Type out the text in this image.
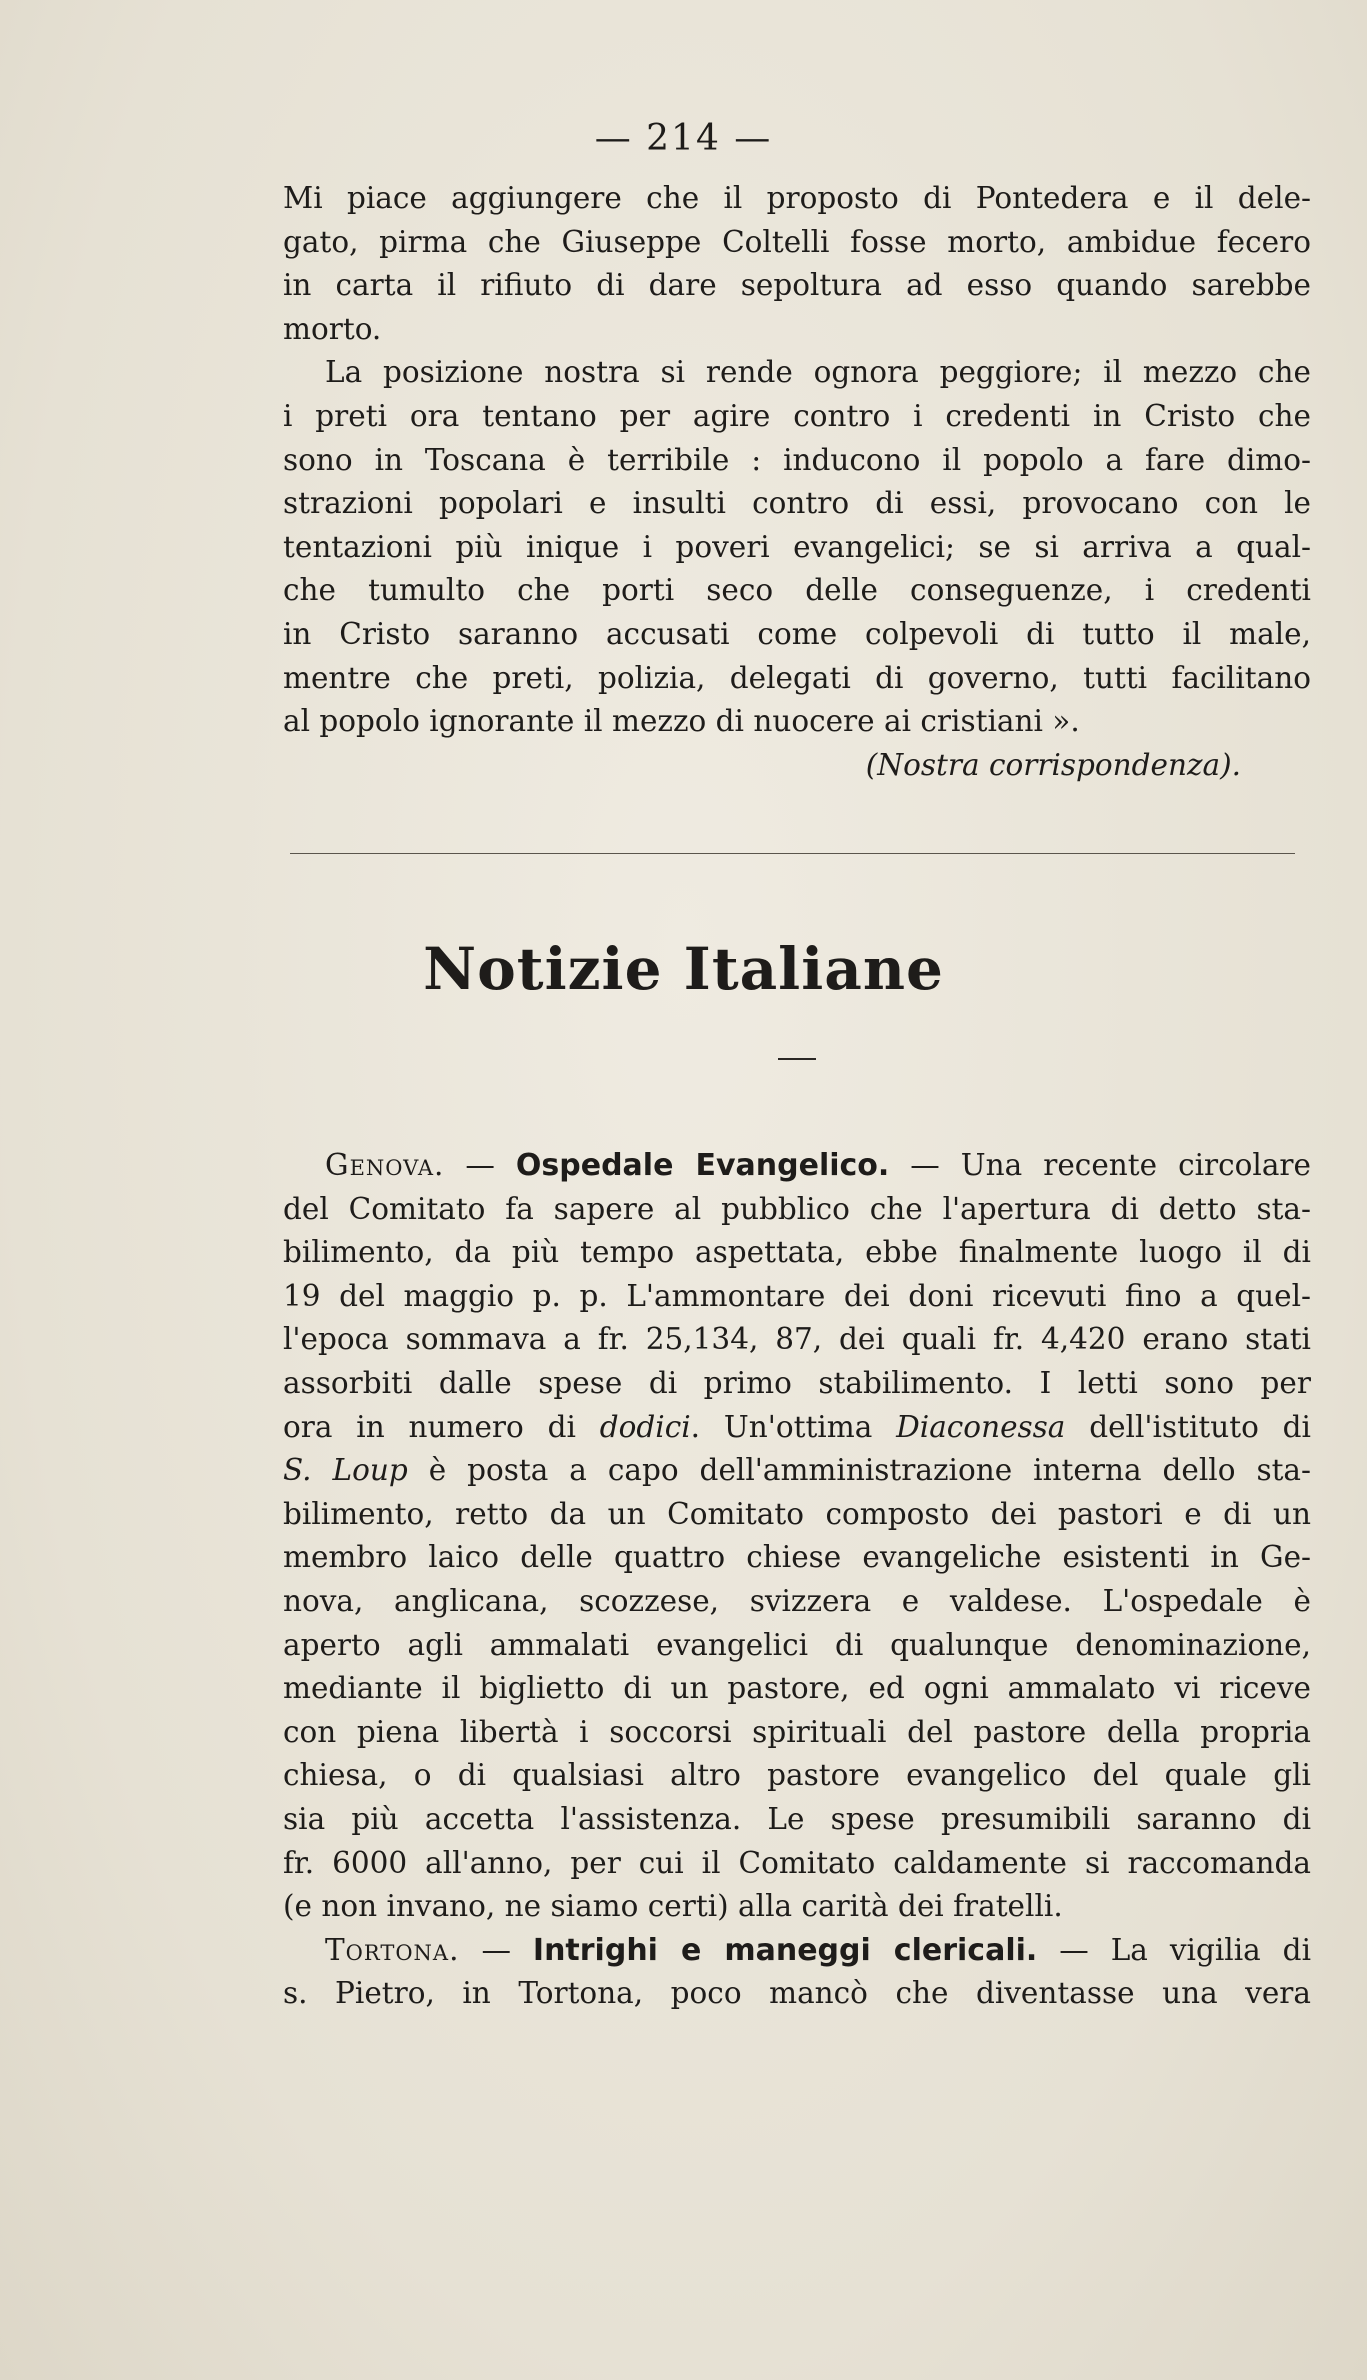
— 214 —
Mi piace aggiungere che il proposto di Pontedera e il dele-
gato, pirma che Giuseppe Coltelli fosse morto, ambidue fecero
in carta il rifiuto di dare sepoltura ad esso quando sarebbe
morto.
La posizione nostra si rende ognora peggiore; il mezzo che
i preti ora tentano per agire contro i credenti in Cristo che
sono in Toscana è terribile : inducono il popolo a fare dimo-
strazioni popolari e insulti contro di essi, provocano con le
tentazioni più inique i poveri evangelici; se si arriva a qual-
che tumulto che porti seco delle conseguenze, i credenti
in Cristo saranno accusati come colpevoli di tutto il male,
mentre che preti, polizia, delegati di governo, tutti facilitano
al popolo ignorante il mezzo di nuocere ai cristiani ».
(Nostra corrispondenza).
Notizie Italiane
Genova. — Ospedale Evangelico. — Una recente circolare
del Comitato fa sapere al pubblico che l'apertura di detto sta-
bilimento, da più tempo aspettata, ebbe finalmente luogo il di
19 del maggio p. p. L'ammontare dei doni ricevuti fino a quel-
l'epoca sommava a fr. 25,134, 87, dei quali fr. 4,420 erano stati
assorbiti dalle spese di primo stabilimento. I letti sono per
ora in numero di dodici. Un'ottima Diaconessa dell'istituto di
S. Loup è posta a capo dell'amministrazione interna dello sta-
bilimento, retto da un Comitato composto dei pastori e di un
membro laico delle quattro chiese evangeliche esistenti in Ge-
nova, anglicana, scozzese, svizzera e valdese. L'ospedale è
aperto agli ammalati evangelici di qualunque denominazione,
mediante il biglietto di un pastore, ed ogni ammalato vi riceve
con piena libertà i soccorsi spirituali del pastore della propria
chiesa, o di qualsiasi altro pastore evangelico del quale gli
sia più accetta l'assistenza. Le spese presumibili saranno di
fr. 6000 all'anno, per cui il Comitato caldamente si raccomanda
(e non invano, ne siamo certi) alla carità dei fratelli.
Tortona. — Intrighi e maneggi clericali. — La vigilia di
s. Pietro, in Tortona, poco mancò che diventasse una vera
